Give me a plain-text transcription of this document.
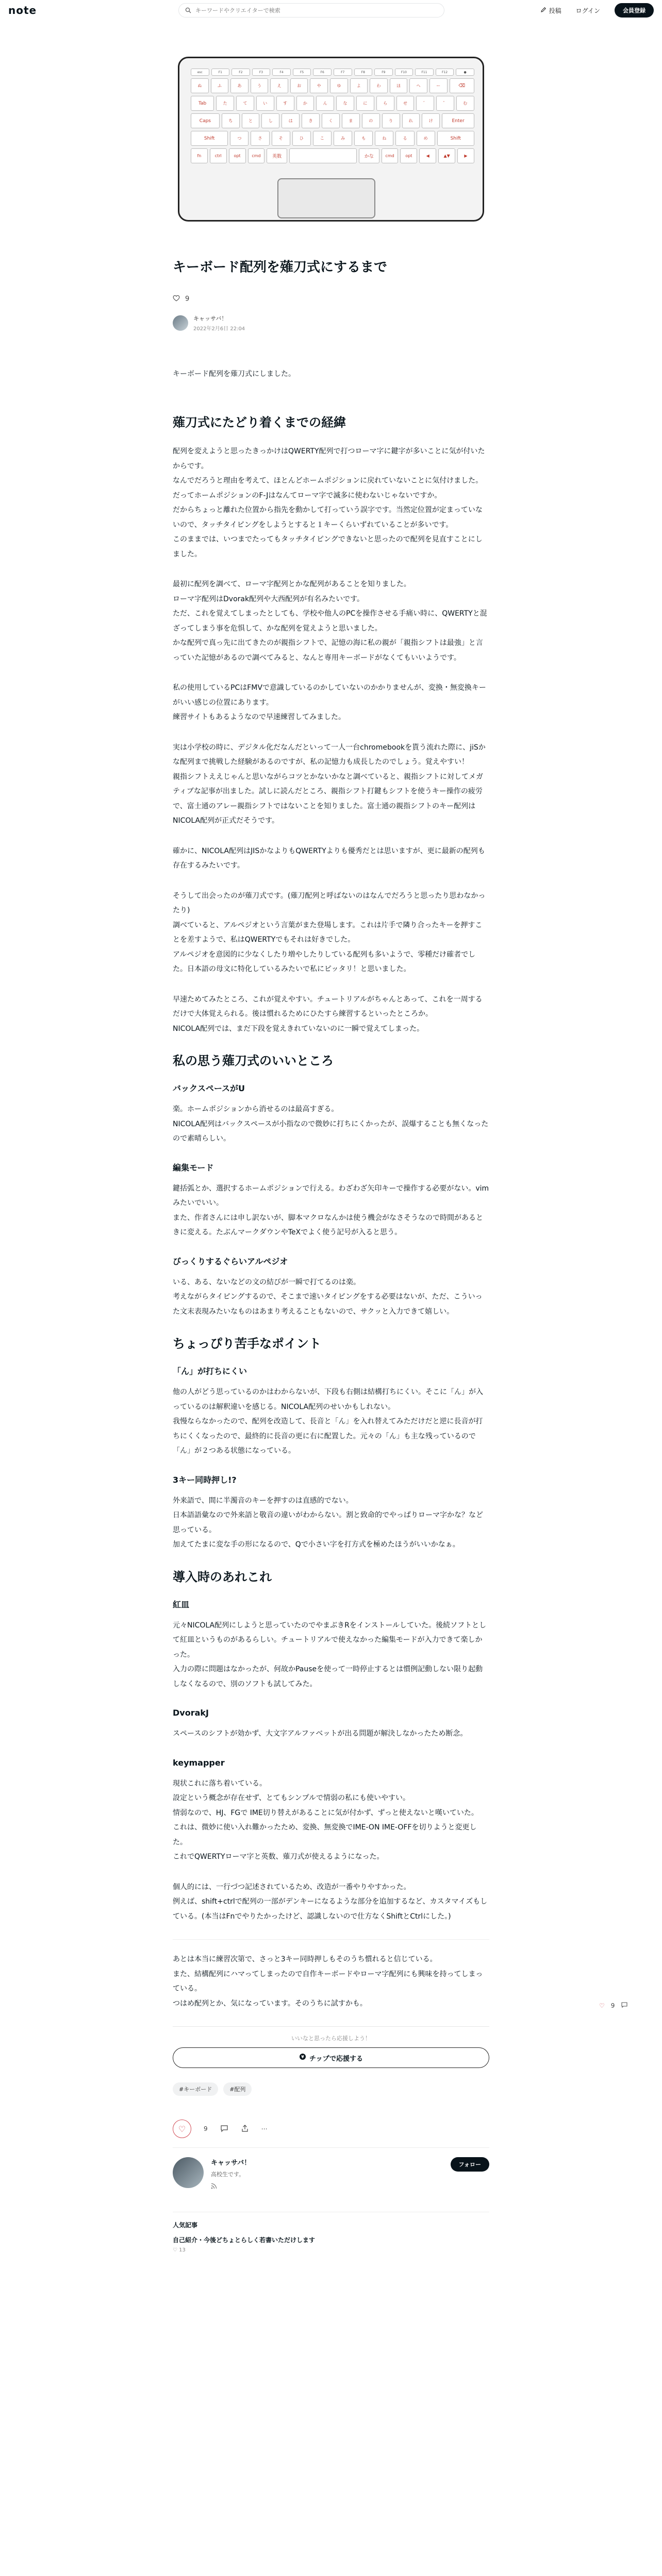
note
キーワードやクリエイターで検索	投稿 ログイン	会員登録
esc	F1	F2	F3	F4	F5	F6	F7	F8	F9	F10	F11	F12	●
ぬ	ふ	あ	う	え	お	や	ゆ	よ	わ	ほ	へ	ー	⌫
Tab	た	て	い	す	か	ん	な	に	ら	せ	゛	゜	む
Caps	ち	と	し	は	き	く	ま	の	り	れ	け	Enter
Shift	つ	さ	そ	ひ	こ	み	も	ね	る	め	Shift
fn	ctrl	opt	cmd	英数	かな	cmd	opt	◀	▲▼	▶
キーボード配列を薙刀式にするまで
9
キャッサバ！
2022年2月6日 22:04

キーボード配列を薙刀式にしました。

薙刀式にたどり着くまでの経緯

配列を変えようと思ったきっかけはQWERTY配列で打つローマ字に鍵字が多いことに気が付いたからです。
なんでだろうと理由を考えて、ほとんどホームポジションに戻れていないことに気付けました。
だってホームポジションのF-Jはなんてローマ字で滅多に使わないじゃないですか。
だからちょっと離れた位置から指先を動かして打っていう誤字です。当然定位置が定まっていないので、タッチタイピングをしようとすると１キーくらいずれていることが多いです。
このままでは、いつまでたってもタッチタイピングできないと思ったので配列を見直すことにしました。

最初に配列を調べて、ローマ字配列とかな配列があることを知りました。
ローマ字配列はDvorak配列や大西配列が有名みたいです。
ただ、これを覚えてしまったとしても、学校や他人のPCを操作させる手痛い時に、QWERTYと混ざってしまう事を危惧して、かな配列を覚えようと思いました。
かな配列で真っ先に出てきたのが親指シフトで、記憶の海に私の親が「親指シフトは最強」と言っていた記憶があるので調べてみると、なんと専用キーボードがなくてもいいようです。

私の使用しているPCはFMVで意識しているのかしていないのかかりませんが、変換・無変換キーがいい感じの位置にあります。
練習サイトもあるようなので早速練習してみました。

実は小学校の時に、デジタル化だなんだといって一人一台chromebookを貰う流れた際に、jiSかな配列まで挑戦した経験があるのですが、私の記憶力も成長したのでしょう。覚えやすい！
親指シフトええじゃんと思いながらコツとかないかなと調べていると、親指シフトに対してメガティブな記事が出ました。試しに読んだところ、親指シフト打鍵もシフトを使うキー操作の疲労で、富士通のアレー親指シフトではないことを知りました。富士通の親指シフトのキー配列はNICOLA配列が正式だそうです。

確かに、NICOLA配列はJISかなよりもQWERTYよりも優秀だとは思いますが、更に最新の配列も存在するみたいです。

そうして出会ったのが薙刀式です。(薙刀配列と呼ばないのはなんでだろうと思ったり思わなかったり)
調べていると、アルペジオという言葉がまた登場します。これは片手で隣り合ったキーを押すことを差すようで、私はQWERTYでもそれは好きでした。
アルペジオを意図的に少なくしたり増やしたりしている配列も多いようで、零種だけ確者でした。日本語の母文に特化しているみたいで私にピッタリ！と思いました。

早速ためてみたところ、これが覚えやすい。チュートリアルがちゃんとあって、これを一周するだけで大体覚えられる。後は慣れるためにひたすら練習するといったところか。
NICOLA配列では、まだ下段を覚えきれていないのに一瞬で覚えてしまった。

私の思う薙刀式のいいところ
バックスペースがU

楽。ホームポジションから消せるのは最高すぎる。
NICOLA配列はバックスペースが小指なので微妙に打ちにくかったが、誤爆することも無くなったので素晴らしい。

編集モード

鍵括弧とか、選択するホームポジションで行える。わざわざ矢印キーで操作する必要がない。vimみたいでいい。
また、作者さんには申し訳ないが、脚本マクロなんかは使う機会がなさそうなので時間があるときに変える。たぶんマークダウンやTeXでよく使う記号が入ると思う。

びっくりするぐらいアルペジオ

いる、ある、ないなどの文の結びが一瞬で打てるのは楽。
考えながらタイピングするので、そこまで速いタイピングをする必要はないが、ただ、こういった文末表現みたいなものはあまり考えることもないので、サクッと入力できて嬉しい。

ちょっぴり苦手なポイント
「ん」が打ちにくい

他の人がどう思っているのかはわからないが、下段も右側は結構打ちにくい。そこに「ん」が入っているのは解釈違いを感じる。NICOLA配列のせいかもしれない。
我慢ならなかったので、配列を改造して、長音と「ん」を入れ替えてみただけだと逆に長音が打ちにくくなったので、最終的に長音の更に右に配置した。元々の「ん」も主な残っているので「ん」が２つある状態になっている。

3キー同時押し!?

外来語で、間に半濁音のキーを押すのは直感的でない。
日本語語彙なので外来語と敬音の違いがわからない。割と致命的でやっぱりローマ字かな？など思っている。
加えてたまに変な手の形になるので、Qで小さい字を打方式を極めたほうがいいかなぁ。

導入時のあれこれ
紅皿

元々NICOLA配列にしようと思っていたのでやまぶきRをインストールしていた。後続ソフトとして紅皿というものがあるらしい。チュートリアルで使えなかった編集モードが入力できて楽しかった。
入力の際に問題はなかったが、何故かPauseを使って一時停止するとは慣例記動しない限り起動しなくなるので、別のソフトも試してみた。

DvorakJ

スペースのシフトが効かず、大文字アルファベットが出る問題が解決しなかったため断念。

keymapper

現状これに落ち着いている。
設定という概念が存在せず、とてもシンプルで情弱の私にも使いやすい。
情弱なので、HJ、FGで IME切り替えがあることに気が付かず、ずっと使えないと嘆いていた。
これは、微妙に使い入れ難かったため、変換、無変換でIME-ON IME-OFFを切りようと変更した。
これでQWERTYローマ字と英数、薙刀式が使えるようになった。

個人的には、一行づつ記述されているため、改造が一番やりやすかった。
例えば、shift+ctrlで配列の一部がデンキーになるような部分を追加するなど、カスタマイズもしている。(本当はFnでやりたかったけど、認識しないので仕方なくShiftとCtrlにした。)

あとは本当に練習次第で、さっと3キー同時押しもそのうち慣れると信じている。
また、結構配列にハマってしまったので自作キーボードやローマ字配列にも興味を持ってしまっている。
つはめ配列とか、気になっています。そのうちに試すかも。

いいなと思ったら応援しよう！
¥ チップで応援する
#キーボード	#配列
♡	9	⋯
キャッサバ！
高校生です。
フォロー
人気記事
自己紹介・今後どちょとらしく若書いただけします
♡ 13
♡ 9
